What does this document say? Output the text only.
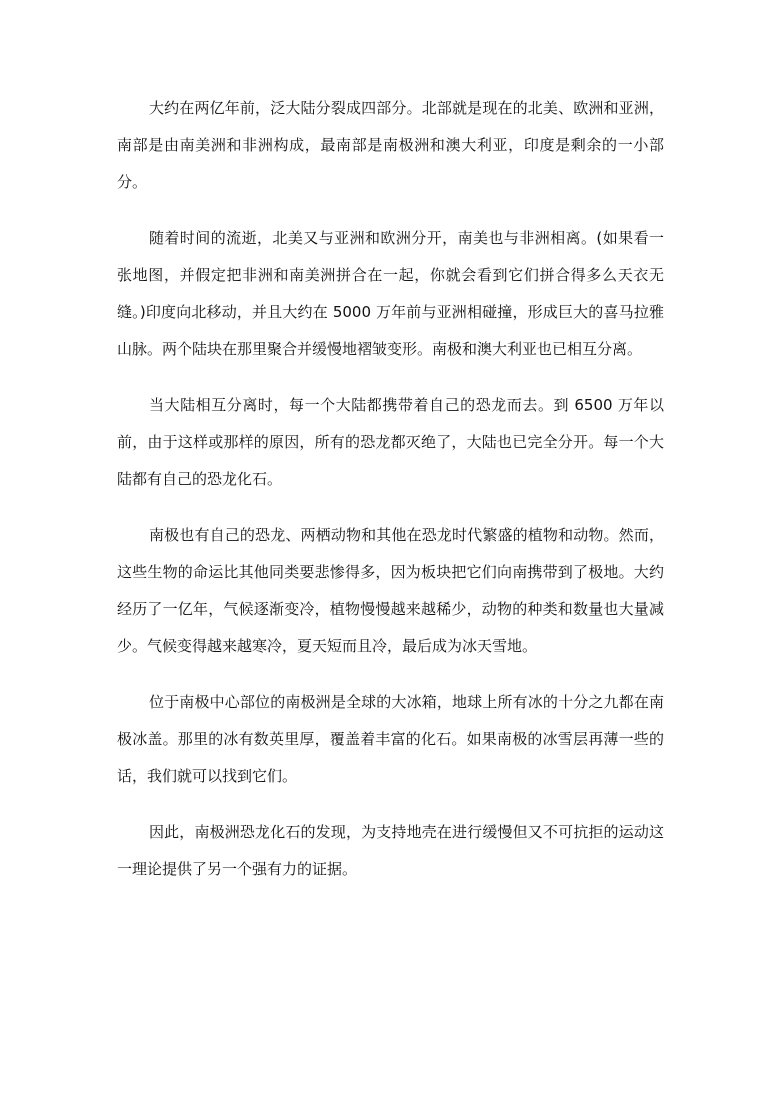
大约在两亿年前，泛大陆分裂成四部分。北部就是现在的北美、欧洲和亚洲，南部是由南美洲和非洲构成，最南部是南极洲和澳大利亚，印度是剩余的一小部分。

随着时间的流逝，北美又与亚洲和欧洲分开，南美也与非洲相离。(如果看一张地图，并假定把非洲和南美洲拼合在一起，你就会看到它们拼合得多么天衣无缝。)印度向北移动，并且大约在 5000 万年前与亚洲相碰撞，形成巨大的喜马拉雅山脉。两个陆块在那里聚合并缓慢地褶皱变形。南极和澳大利亚也已相互分离。

当大陆相互分离时，每一个大陆都携带着自己的恐龙而去。到 6500 万年以前，由于这样或那样的原因，所有的恐龙都灭绝了，大陆也已完全分开。每一个大陆都有自己的恐龙化石。

南极也有自己的恐龙、两栖动物和其他在恐龙时代繁盛的植物和动物。然而，这些生物的命运比其他同类要悲惨得多，因为板块把它们向南携带到了极地。大约经历了一亿年，气候逐渐变冷，植物慢慢越来越稀少，动物的种类和数量也大量减少。气候变得越来越寒冷，夏天短而且冷，最后成为冰天雪地。

位于南极中心部位的南极洲是全球的大冰箱，地球上所有冰的十分之九都在南极冰盖。那里的冰有数英里厚，覆盖着丰富的化石。如果南极的冰雪层再薄一些的话，我们就可以找到它们。

因此，南极洲恐龙化石的发现，为支持地壳在进行缓慢但又不可抗拒的运动这一理论提供了另一个强有力的证据。
